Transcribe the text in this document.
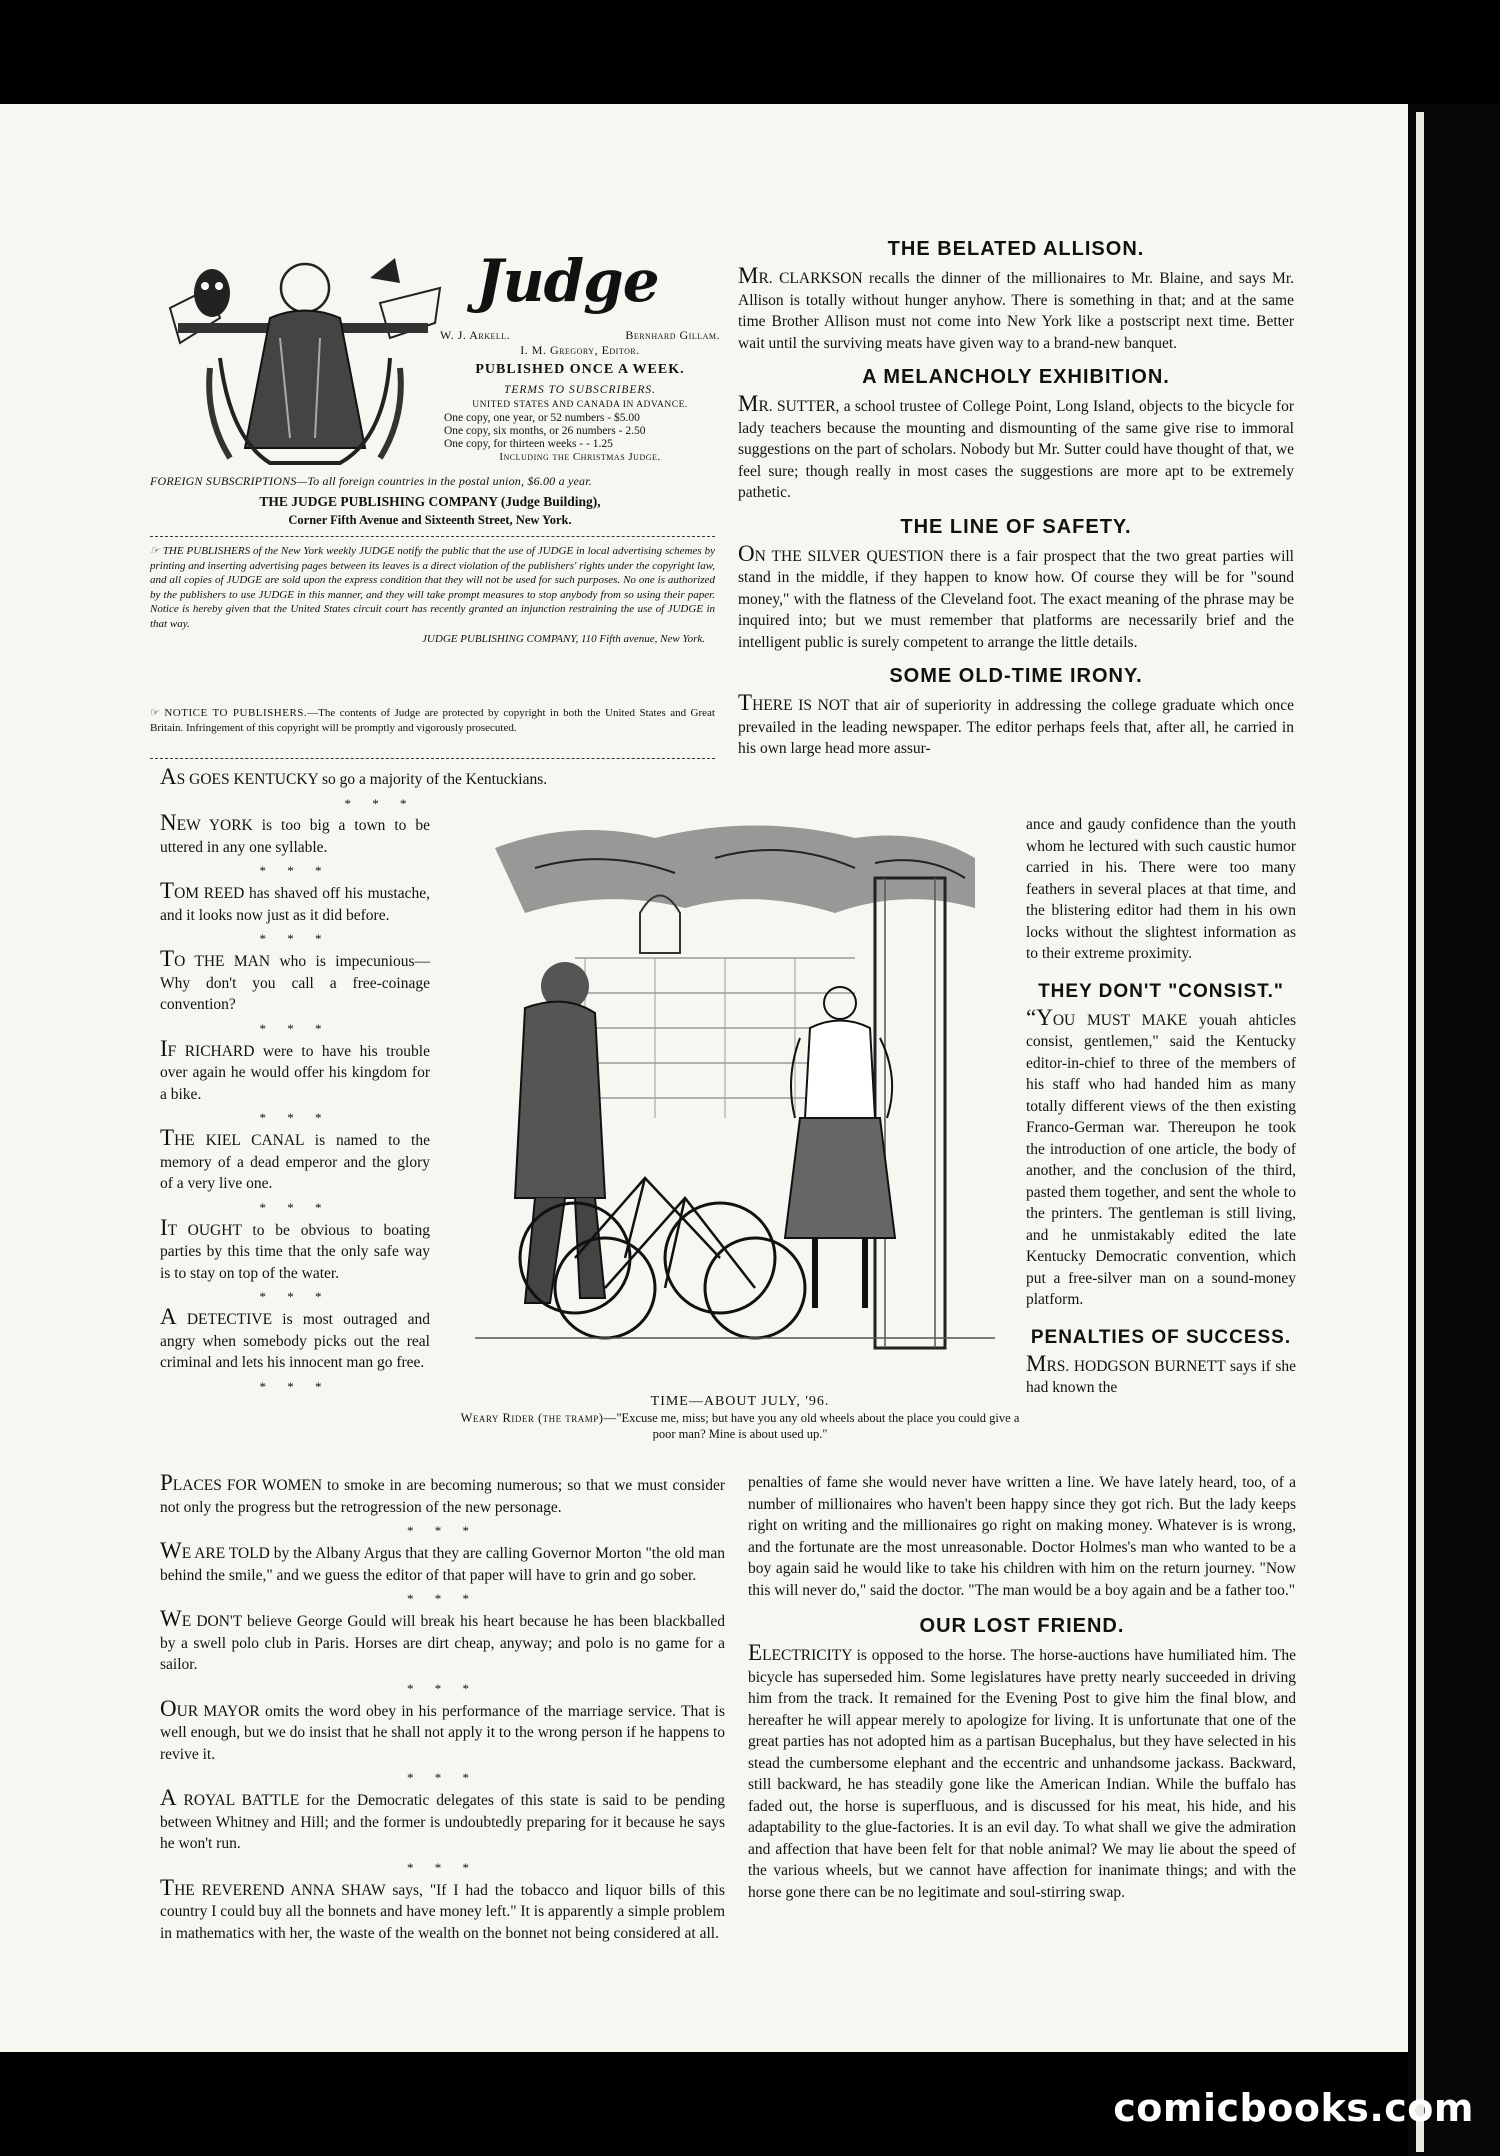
Judge
W. J. Arkell.	Bernhard Gillam.
I. M. Gregory, Editor.
PUBLISHED ONCE A WEEK.
TERMS TO SUBSCRIBERS.
UNITED STATES AND CANADA IN ADVANCE.
One copy, one year, or 52 numbers - $5.00
One copy, six months, or 26 numbers - 2.50
One copy, for thirteen weeks - - 1.25
Including the Christmas Judge.
FOREIGN SUBSCRIPTIONS—To all foreign countries in the postal union, $6.00 a year.
THE JUDGE PUBLISHING COMPANY (Judge Building),
Corner Fifth Avenue and Sixteenth Street, New York.
☞ THE PUBLISHERS of the New York weekly JUDGE notify the public that the use of JUDGE in local advertising schemes by printing and inserting advertising pages between its leaves is a direct violation of the publishers' rights under the copyright law, and all copies of JUDGE are sold upon the express condition that they will not be used for such purposes. No one is authorized by the publishers to use JUDGE in this manner, and they will take prompt measures to stop anybody from so using their paper. Notice is hereby given that the United States circuit court has recently granted an injunction restraining the use of JUDGE in that way.
JUDGE PUBLISHING COMPANY, 110 Fifth avenue, New York.
☞ NOTICE TO PUBLISHERS.—The contents of Judge are protected by copyright in both the United States and Great Britain. Infringement of this copyright will be promptly and vigorously prosecuted.

AS GOES KENTUCKY so go a majority of the Kentuckians.

* * *

NEW YORK is too big a town to be uttered in any one syllable.

* * *

TOM REED has shaved off his mustache, and it looks now just as it did before.

* * *

TO THE MAN who is impecunious—Why don't you call a free-coinage convention?

* * *

IF RICHARD were to have his trouble over again he would offer his kingdom for a bike.

* * *

THE KIEL CANAL is named to the memory of a dead emperor and the glory of a very live one.

* * *

IT OUGHT to be obvious to boating parties by this time that the only safe way is to stay on top of the water.

* * *

A DETECTIVE is most outraged and angry when somebody picks out the real criminal and lets his innocent man go free.

* * *
TIME—ABOUT JULY, '96.
Weary Rider (the tramp)—"Excuse me, miss; but have you any old wheels about the place you could give a poor man? Mine is about used up."

PLACES FOR WOMEN to smoke in are becoming numerous; so that we must consider not only the progress but the retrogression of the new personage.

* * *

WE ARE TOLD by the Albany Argus that they are calling Governor Morton "the old man behind the smile," and we guess the editor of that paper will have to grin and go sober.

* * *

WE DON'T believe George Gould will break his heart because he has been blackballed by a swell polo club in Paris. Horses are dirt cheap, anyway; and polo is no game for a sailor.

* * *

OUR MAYOR omits the word obey in his performance of the marriage service. That is well enough, but we do insist that he shall not apply it to the wrong person if he happens to revive it.

* * *

A ROYAL BATTLE for the Democratic delegates of this state is said to be pending between Whitney and Hill; and the former is undoubtedly preparing for it because he says he won't run.

* * *

THE REVEREND ANNA SHAW says, "If I had the tobacco and liquor bills of this country I could buy all the bonnets and have money left." It is apparently a simple problem in mathematics with her, the waste of the wealth on the bonnet not being considered at all.

THE BELATED ALLISON.

MR. CLARKSON recalls the dinner of the millionaires to Mr. Blaine, and says Mr. Allison is totally without hunger anyhow. There is something in that; and at the same time Brother Allison must not come into New York like a postscript next time. Better wait until the surviving meats have given way to a brand-new banquet.

A MELANCHOLY EXHIBITION.

MR. SUTTER, a school trustee of College Point, Long Island, objects to the bicycle for lady teachers because the mounting and dismounting of the same give rise to immoral suggestions on the part of scholars. Nobody but Mr. Sutter could have thought of that, we feel sure; though really in most cases the suggestions are more apt to be extremely pathetic.

THE LINE OF SAFETY.

ON THE SILVER QUESTION there is a fair prospect that the two great parties will stand in the middle, if they happen to know how. Of course they will be for "sound money," with the flatness of the Cleveland foot. The exact meaning of the phrase may be inquired into; but we must remember that platforms are necessarily brief and the intelligent public is surely competent to arrange the little details.

SOME OLD-TIME IRONY.

THERE IS NOT that air of superiority in addressing the college graduate which once prevailed in the leading newspaper. The editor perhaps feels that, after all, he carried in his own large head more assur-

ance and gaudy confidence than the youth whom he lectured with such caustic humor carried in his. There were too many feathers in several places at that time, and the blistering editor had them in his own locks without the slightest information as to their extreme proximity.

THEY DON'T "CONSIST."

“YOU MUST MAKE youah ahticles consist, gentlemen," said the Kentucky editor-in-chief to three of the members of his staff who had handed him as many totally different views of the then existing Franco-German war. Thereupon he took the introduction of one article, the body of another, and the conclusion of the third, pasted them together, and sent the whole to the printers. The gentleman is still living, and he unmistakably edited the late Kentucky Democratic convention, which put a free-silver man on a sound-money platform.

PENALTIES OF SUCCESS.

MRS. HODGSON BURNETT says if she had known the

penalties of fame she would never have written a line. We have lately heard, too, of a number of millionaires who haven't been happy since they got rich. But the lady keeps right on writing and the millionaires go right on making money. Whatever is is wrong, and the fortunate are the most unreasonable. Doctor Holmes's man who wanted to be a boy again said he would like to take his children with him on the return journey. "Now this will never do," said the doctor. "The man would be a boy again and be a father too."

OUR LOST FRIEND.

ELECTRICITY is opposed to the horse. The horse-auctions have humiliated him. The bicycle has superseded him. Some legislatures have pretty nearly succeeded in driving him from the track. It remained for the Evening Post to give him the final blow, and hereafter he will appear merely to apologize for living. It is unfortunate that one of the great parties has not adopted him as a partisan Bucephalus, but they have selected in his stead the cumbersome elephant and the eccentric and unhandsome jackass. Backward, still backward, he has steadily gone like the American Indian. While the buffalo has faded out, the horse is superfluous, and is discussed for his meat, his hide, and his adaptability to the glue-factories. It is an evil day. To what shall we give the admiration and affection that have been felt for that noble animal? We may lie about the speed of the various wheels, but we cannot have affection for inanimate things; and with the horse gone there can be no legitimate and soul-stirring swap.

comicbooks.com
